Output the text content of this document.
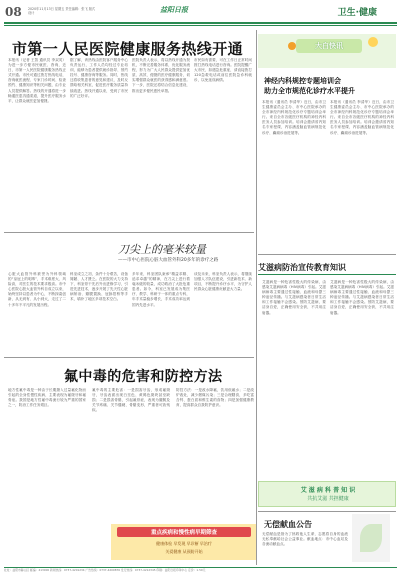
08 2020年11月13日 星期五 责任编辑：张飞 版式设计	益阳日报	卫生·健康
市第一人民医院健康服务热线开通

本报讯（记者 王智 通讯员 李双英）为进一步方便市民就医、咨询，近日，市第一人民医院健康服务热线正式开通。市民可通过拨打热线电话，咨询就医流程、专家门诊时间、检查预约、健康知识等相关问题，由专业人员提供解答。热线的开通将进一步畅通医患沟通渠道，提升医疗服务水平，让群众就医更加便捷。

据了解，该热线由医院客户服务中心负责运行，工作人员均经过专业培训，能够为患者提供就诊指导、预约挂号、健康咨询等服务。同时，热线还将收集患者的意见和建议，及时反馈给相关科室，促进医疗服务质量持续改进。热线开通以来，受到了市民的广泛好评。

医院负责人表示，将以热线开通为契机，不断完善服务体系，优化服务流程，努力为广大人民群众提供更加优质、高效、便捷的医疗健康服务，切实增强群众就医的获得感和满意度。下一步，医院还将结合信息化建设，推出更多便民惠民举措。

市民如有需要，可在工作日正常时间拨打热线电话进行咨询。医院提醒广大市民，如遇急危重症，请直接拨打120急救电话或前往医院急诊科就诊，以免延误病情。

刀尖上的毫米较量
——市中心医院心脏大血管外科20多年的诊疗之路

心脏大血管外科被誉为外科领域的“皇冠上的明珠”，手术难度大、风险高，对医生的技术要求极高。市中心医院心脏大血管外科自成立以来，始终坚持以患者为中心，不断探索创新，从无到有、从小到大，走过了二十多年不平凡的发展历程。

科室成立之初，条件十分艰苦，设备简陋、人才匮乏。在医院的大力支持下，科室骨干先后外出进修学习，引进先进技术，逐步开展了先天性心脏病矫治、瓣膜置换、冠脉搭桥等手术，填补了地区多项技术空白。

多年来，科室团队秉承“精益求精、追求卓越”的精神，在刀尖上进行着毫米级的较量，成功救治了大批危重患者。如今，科室已发展成为集医疗、教学、科研于一体的重点专科，年手术量稳步增长，手术成功率达到国内先进水平。

谈及未来，科室负责人表示，将继续加强人才队伍建设，引进新技术、新项目，不断提升诊疗水平，为守护人民群众心脏健康贡献更大力量。

氟中毒的危害和防控方法

地方性氟中毒是一种由于长期摄入过量氟化物而引起的全身性慢性疾病，主要表现为氟斑牙和氟骨症。我国是地方性氟中毒流行较为严重的国家之一，防治工作任务艰巨。

氟中毒的主要危害：一是损害牙齿，形成氟斑牙，牙齿表面出现白垩色、黄褐色斑块甚至缺损；二是损害骨骼，引起氟骨症，表现为腰腿及关节疼痛、关节僵硬、骨骼变形，严重者可致残疾。

防控方法：一是改水降氟，饮用低氟水；二是改炉改灶，减少燃煤污染；三是合理膳食，多吃富含钙、蛋白质和维生素的食物；四是加强健康教育，提高群众自我防护意识。

重点疾病和慢性病早期筛查
健康体检 早发现 早诊断 早治疗
关爱健康 从预防开始
大白快讯
神经内科规控专题培训会
助力全市规范化诊疗水平提升

本报讯（通讯员 李清华）近日，由市卫生健康委员会主办、市中心医院承办的全市神经内科规范化诊疗专题培训会举行。来自全市各级医疗机构的神经内科医务人员参加培训。培训会邀请省内知名专家授课，内容涵盖脑血管病规范化诊疗、癫痫诊治进展等。

本报讯（通讯员 李清华）近日，由市卫生健康委员会主办、市中心医院承办的全市神经内科规范化诊疗专题培训会举行。来自全市各级医疗机构的神经内科医务人员参加培训。培训会邀请省内知名专家授课，内容涵盖脑血管病规范化诊疗、癫痫诊治进展等。

艾滋病防治宣传教育知识

艾滋病是一种危害性极大的传染病，由感染艾滋病病毒（HIV病毒）引起。艾滋病病毒主要通过性接触、血液和母婴三种途径传播。与艾滋病感染者日常生活和工作接触不会感染。预防艾滋病，要洁身自爱，正确使用安全套，不共用注射器。

艾滋病是一种危害性极大的传染病，由感染艾滋病病毒（HIV病毒）引起。艾滋病病毒主要通过性接触、血液和母婴三种途径传播。与艾滋病感染者日常生活和工作接触不会感染。预防艾滋病，要洁身自爱，正确使用安全套，不共用注射器。

艾 滋 病 科 普 知 识
共抗艾滋 共担健康
无偿献血公告

无偿献血是指为了拯救他人生命，志愿将自身的血液无私奉献给社会公益事业。献血地点：市中心血站及各流动献血点。

社址：益阳市赫山区 邮编：413000 新闻热线：0737-4201234 广告热线：0737-4209876 发行热线：0737-4212345 印刷：益阳日报印务中心 定价：1.50元
